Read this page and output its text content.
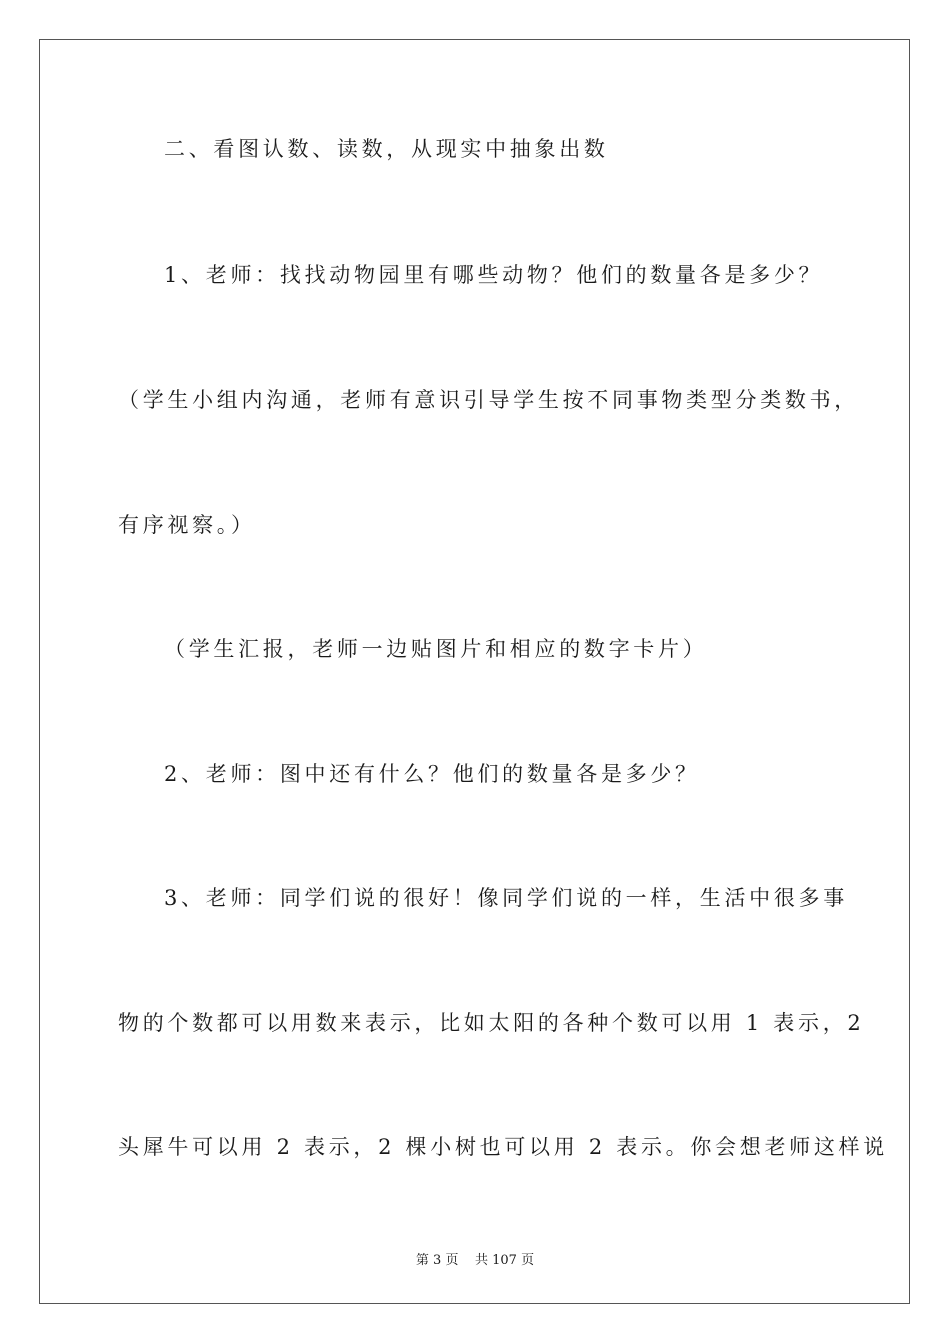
二、看图认数、读数，从现实中抽象出数
1、老师：找找动物园里有哪些动物？他们的数量各是多少？
（学生小组内沟通，老师有意识引导学生按不同事物类型分类数书，
有序视察。）
（学生汇报，老师一边贴图片和相应的数字卡片）
2、老师：图中还有什么？他们的数量各是多少？
3、老师：同学们说的很好！像同学们说的一样，生活中很多事
物的个数都可以用数来表示，比如太阳的各种个数可以用 1 表示，2
头犀牛可以用 2 表示，2 棵小树也可以用 2 表示。你会想老师这样说
第 3 页    共 107 页
